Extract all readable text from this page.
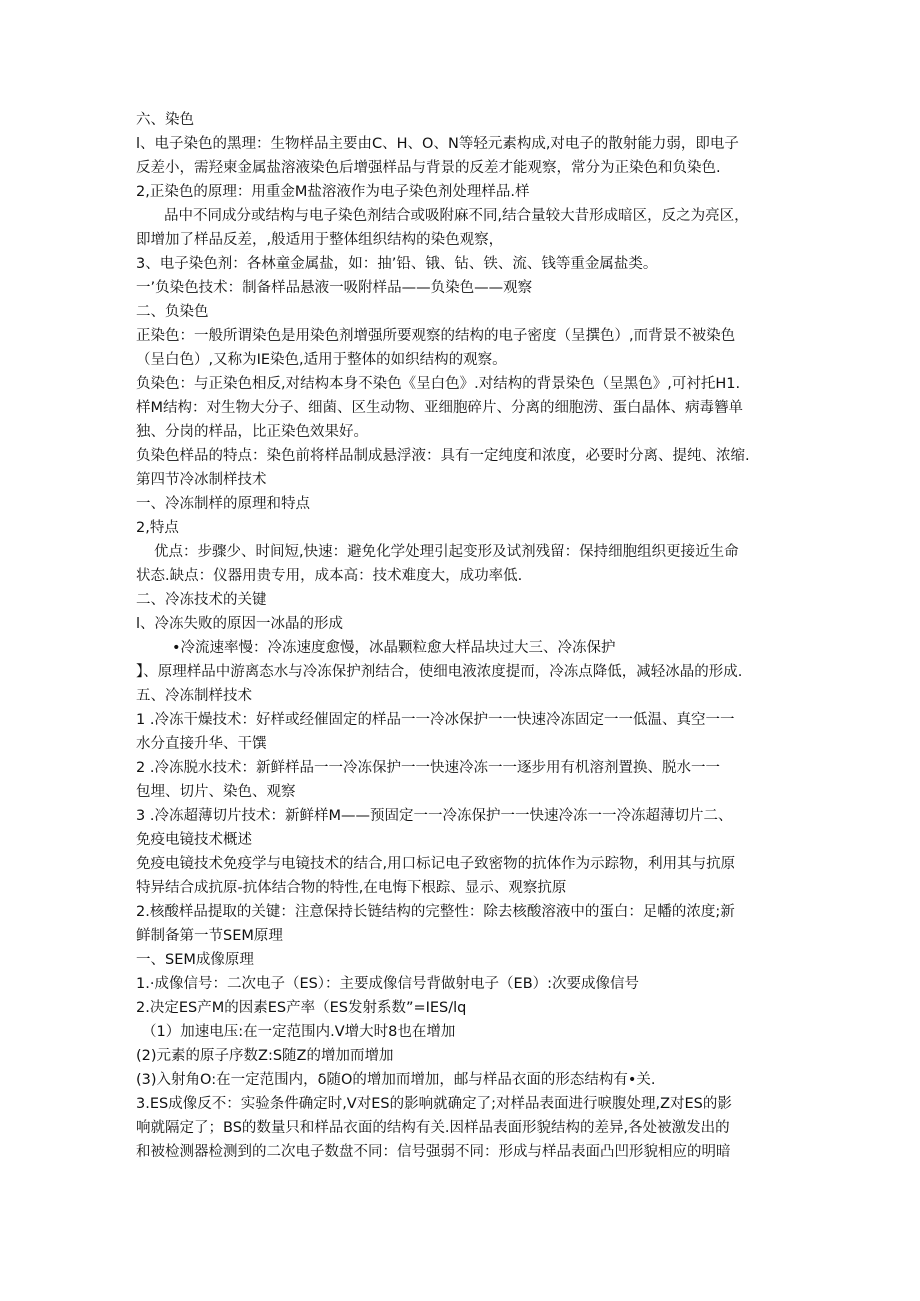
六、染色
l、电子染色的黑理：生物样品主要由C、H、O、N等轻元素构成,对电子的散射能力弱，即电子
反差小，需羟柬金属盐溶液染色后增强样品与背景的反差才能观察，常分为正染色和负染色.
2,正染色的原理：用重金M盐溶液作为电子染色剂处理样品.样
品中不同成分或结构与电子染色剂结合或吸附麻不同,结合量较大昔形成暗区，反之为亮区，
即增加了样品反差，,般适用于整体组织结构的染色观察，
3、电子染色剂：各林童金属盐，如：抽’铅、锇、钻、铁、流、钱等重金属盐类。
一’负染色技术：制备样品悬液一吸附样品——负染色——观察
二、负染色
正染色：一般所谓染色是用染色剂增强所要观察的结构的电子密度（呈撰色）,而背景不被染色
（呈白色）,又称为IE染色,适用于整体的如织结构的观察。
负染色：与正染色相反,对结构本身不染色《呈白色》.对结构的背景染色（呈黑色》,可衬托H1.
样M结构：对生物大分子、细菌、区生动物、亚细胞碎片、分离的细胞涝、蛋白晶体、病毒簪单
独、分岗的样品，比正染色效果好。
负染色样品的特点：染色前将样品制成悬浮液：具有一定纯度和浓度，必要时分离、提纯、浓缩.
第四节冷冰制样技术
一、冷冻制样的原理和特点
2,特点
优点：步骤少、时间短,快速：避免化学处理引起变形及试剂残留：保持细胞组织更接近生命
状态.缺点：仪器用贵专用，成本高：技术难度大，成功率低.
二、冷冻技术的关键
l、冷冻失败的原因一冰晶的形成
•冷流速率慢：冷冻速度愈慢，冰晶颗粒愈大样品块过大三、冷冻保护
】、原理样品中游离态水与冷冻保护剂结合，使细电液浓度提而，冷冻点降低，减轻冰晶的形成.
五、冷冻制样技术
1 .冷冻干燥技术：好样或经催固定的样品一一冷冰保护一一快速冷冻固定一一低温、真空一一
水分直接升华、干馔
2 .冷冻脱水技术：新鲜样品一一冷冻保护一一快速冷冻一一逐步用有机溶剂置换、脱水一一
包埋、切片、染色、观察
3 .冷冻超薄切片技术：新鲜样M——预固定一一冷冻保护一一快速冷冻一一冷冻超薄切片二、
免疫电镜技术概述
免疫电镜技术免疫学与电镜技术的结合,用口标记电子致密物的抗体作为示踪物，利用其与抗原
特异结合成抗原-抗体结合物的特性,在电悔下根踪、显示、观察抗原
2.核酸样品提取的关键：注意保持长链结构的完整性：除去核酸溶液中的蛋白：足幡的浓度;新
鲜制备第一节SEM原理
一、SEM成像原理
1.·成像信号：二次电子（ES）：主要成像信号背做射电子（EB）:次要成像信号
2.决定ES产M的因素ES产率（ES发射系数”=IES/lq
（1）加速电压:在一定范围内.V增大时8也在增加
(2)元素的原子序数Z:S随Z的增加而增加
(3)入射角O:在一定范围内，δ随O的增加而增加，邮与样品衣面的形态结构有•关.
3.ES成像反不：实验条件确定时,V对ES的影响就确定了;对样品表面进行唳腹处理,Z对ES的影
响就隔定了；BS的数量只和样品衣面的结构有关.因样品表面形貌结构的差异,各处被激发出的
和被检测器检测到的二次电子数盘不同：信号强弱不同：形成与样品表面凸凹形貌相应的明暗
